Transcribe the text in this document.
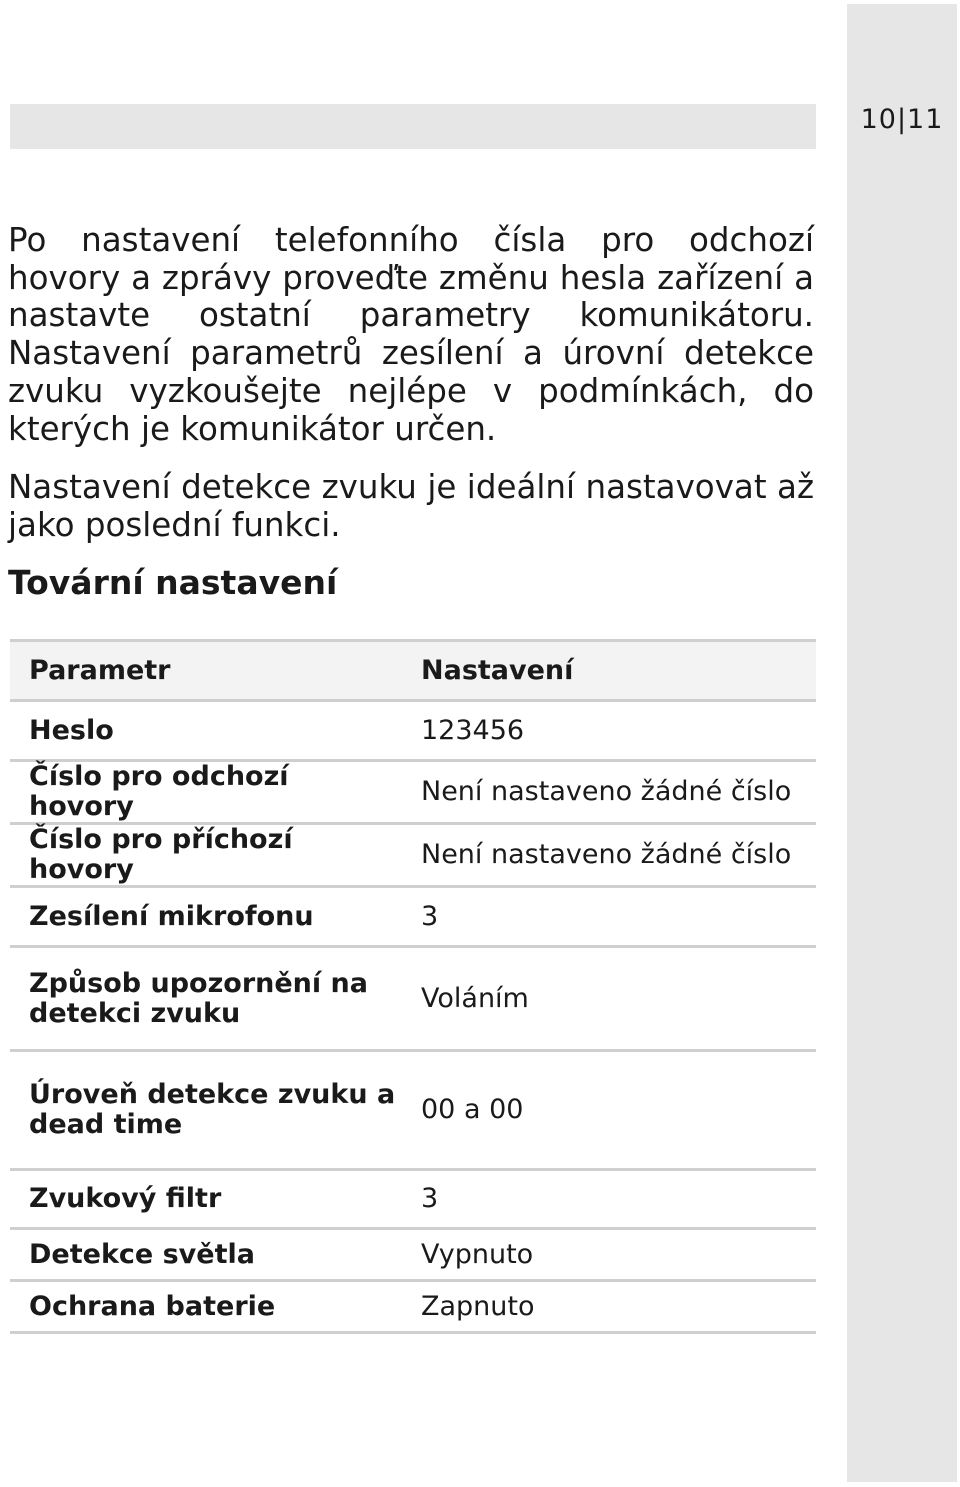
10|11

Po nastavení telefonního čísla pro odchozí hovory a zprávy proveďte změnu hesla zařízení a nastavte ostatní parametry komunikátoru. Nastavení parametrů zesílení a úrovní detekce zvuku vyzkoušejte nejlépe v podmínkách, do kterých je komunikátor určen.

Nastavení detekce zvuku je ideální nastavovat až jako poslední funkci.

Tovární nastavení
Parametr	Nastavení
Heslo	123456
Číslo pro odchozí hovory	Není nastaveno žádné číslo
Číslo pro příchozí hovory	Není nastaveno žádné číslo
Zesílení mikrofonu	3
Způsob upozornění na detekci zvuku	Voláním
Úroveň detekce zvuku a dead time	00 a 00
Zvukový filtr	3
Detekce světla	Vypnuto
Ochrana baterie	Zapnuto
